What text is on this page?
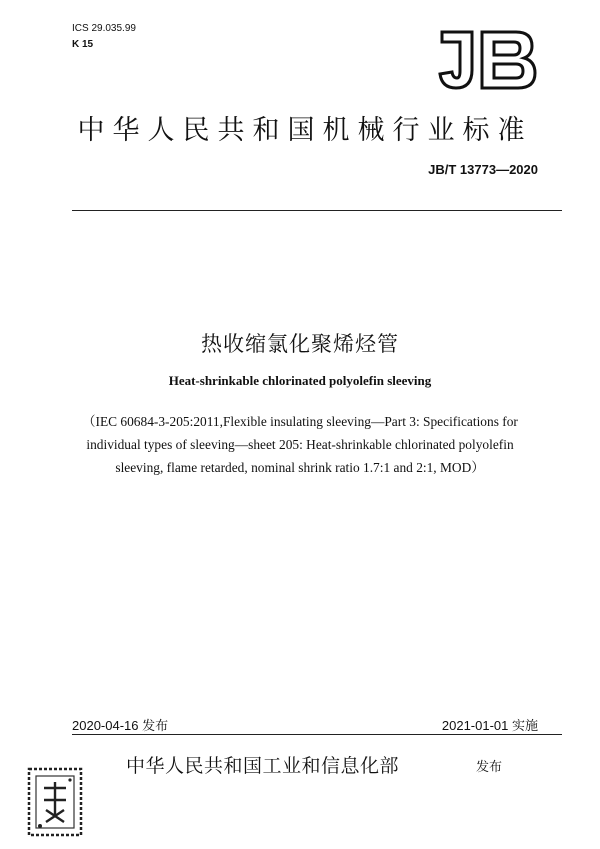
ICS 29.035.99
K 15
中华人民共和国机械行业标准
JB/T 13773—2020
热收缩氯化聚烯烃管
Heat-shrinkable chlorinated polyolefin sleeving
（IEC 60684-3-205:2011,Flexible insulating sleeving—Part 3: Specifications for
individual types of sleeving—sheet 205: Heat-shrinkable chlorinated polyolefin
sleeving, flame retarded, nominal shrink ratio 1.7:1 and 2:1, MOD）
2020-04-16 发布	2021-01-01 实施
中华人民共和国工业和信息化部	发布
